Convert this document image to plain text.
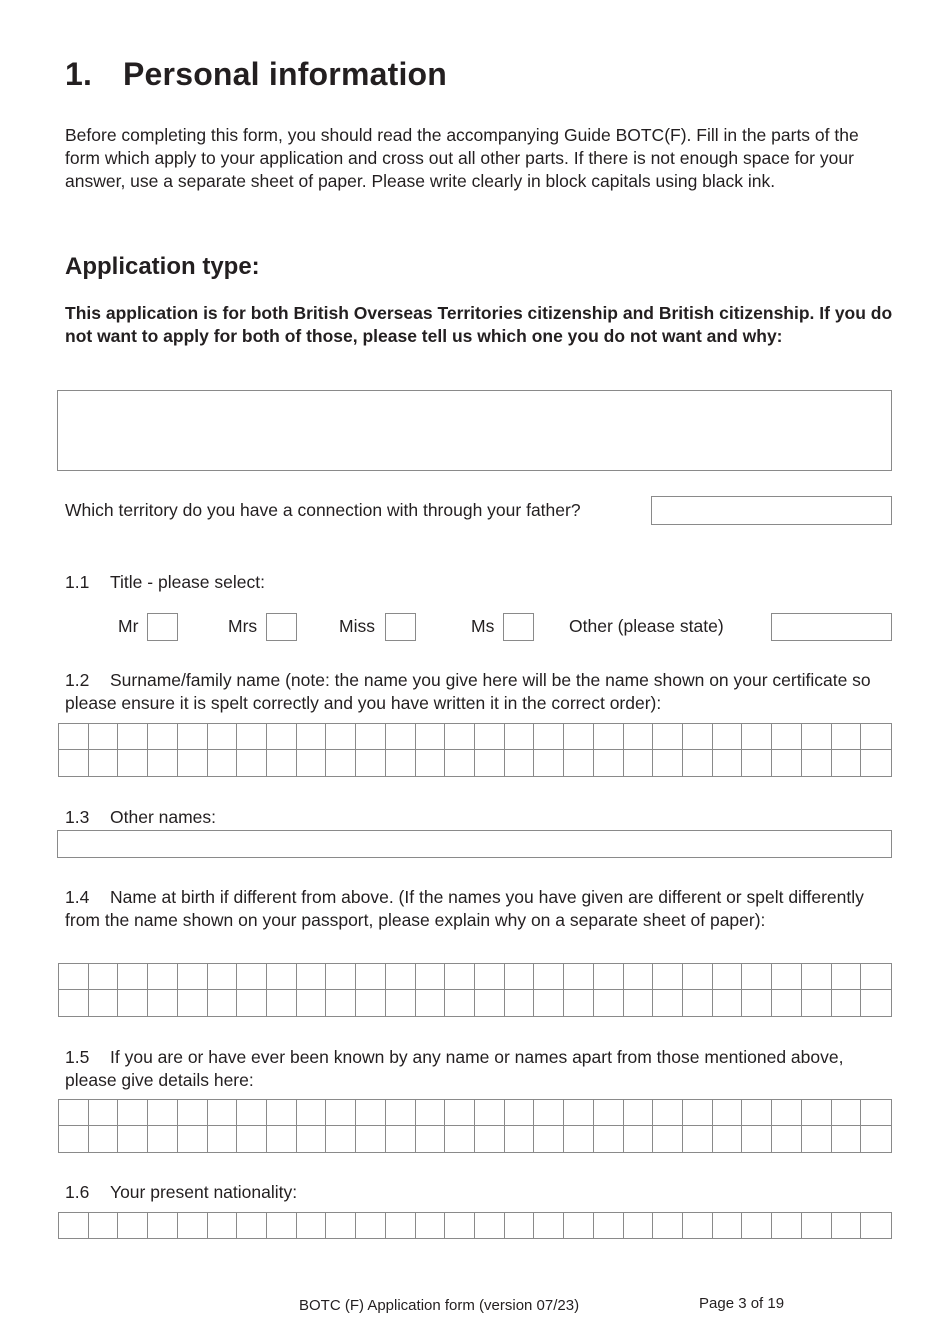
1. Personal information
Before completing this form, you should read the accompanying Guide BOTC(F). Fill in the parts of the form which apply to your application and cross out all other parts. If there is not enough space for your answer, use a separate sheet of paper. Please write clearly in block capitals using black ink.
Application type:
This application is for both British Overseas Territories citizenship and British citizenship. If you do not want to apply for both of those, please tell us which one you do not want and why:
Which territory do you have a connection with through your father?
1.1 Title - please select:
Mr	Mrs	Miss	Ms	Other (please state)
1.2 Surname/family name (note: the name you give here will be the name shown on your certificate so please ensure it is spelt correctly and you have written it in the correct order):
1.3 Other names:
1.4 Name at birth if different from above. (If the names you have given are different or spelt differently from the name shown on your passport, please explain why on a separate sheet of paper):
1.5 If you are or have ever been known by any name or names apart from those mentioned above, please give details here:
1.6 Your present nationality:
BOTC (F) Application form (version 07/23)	Page 3 of 19
